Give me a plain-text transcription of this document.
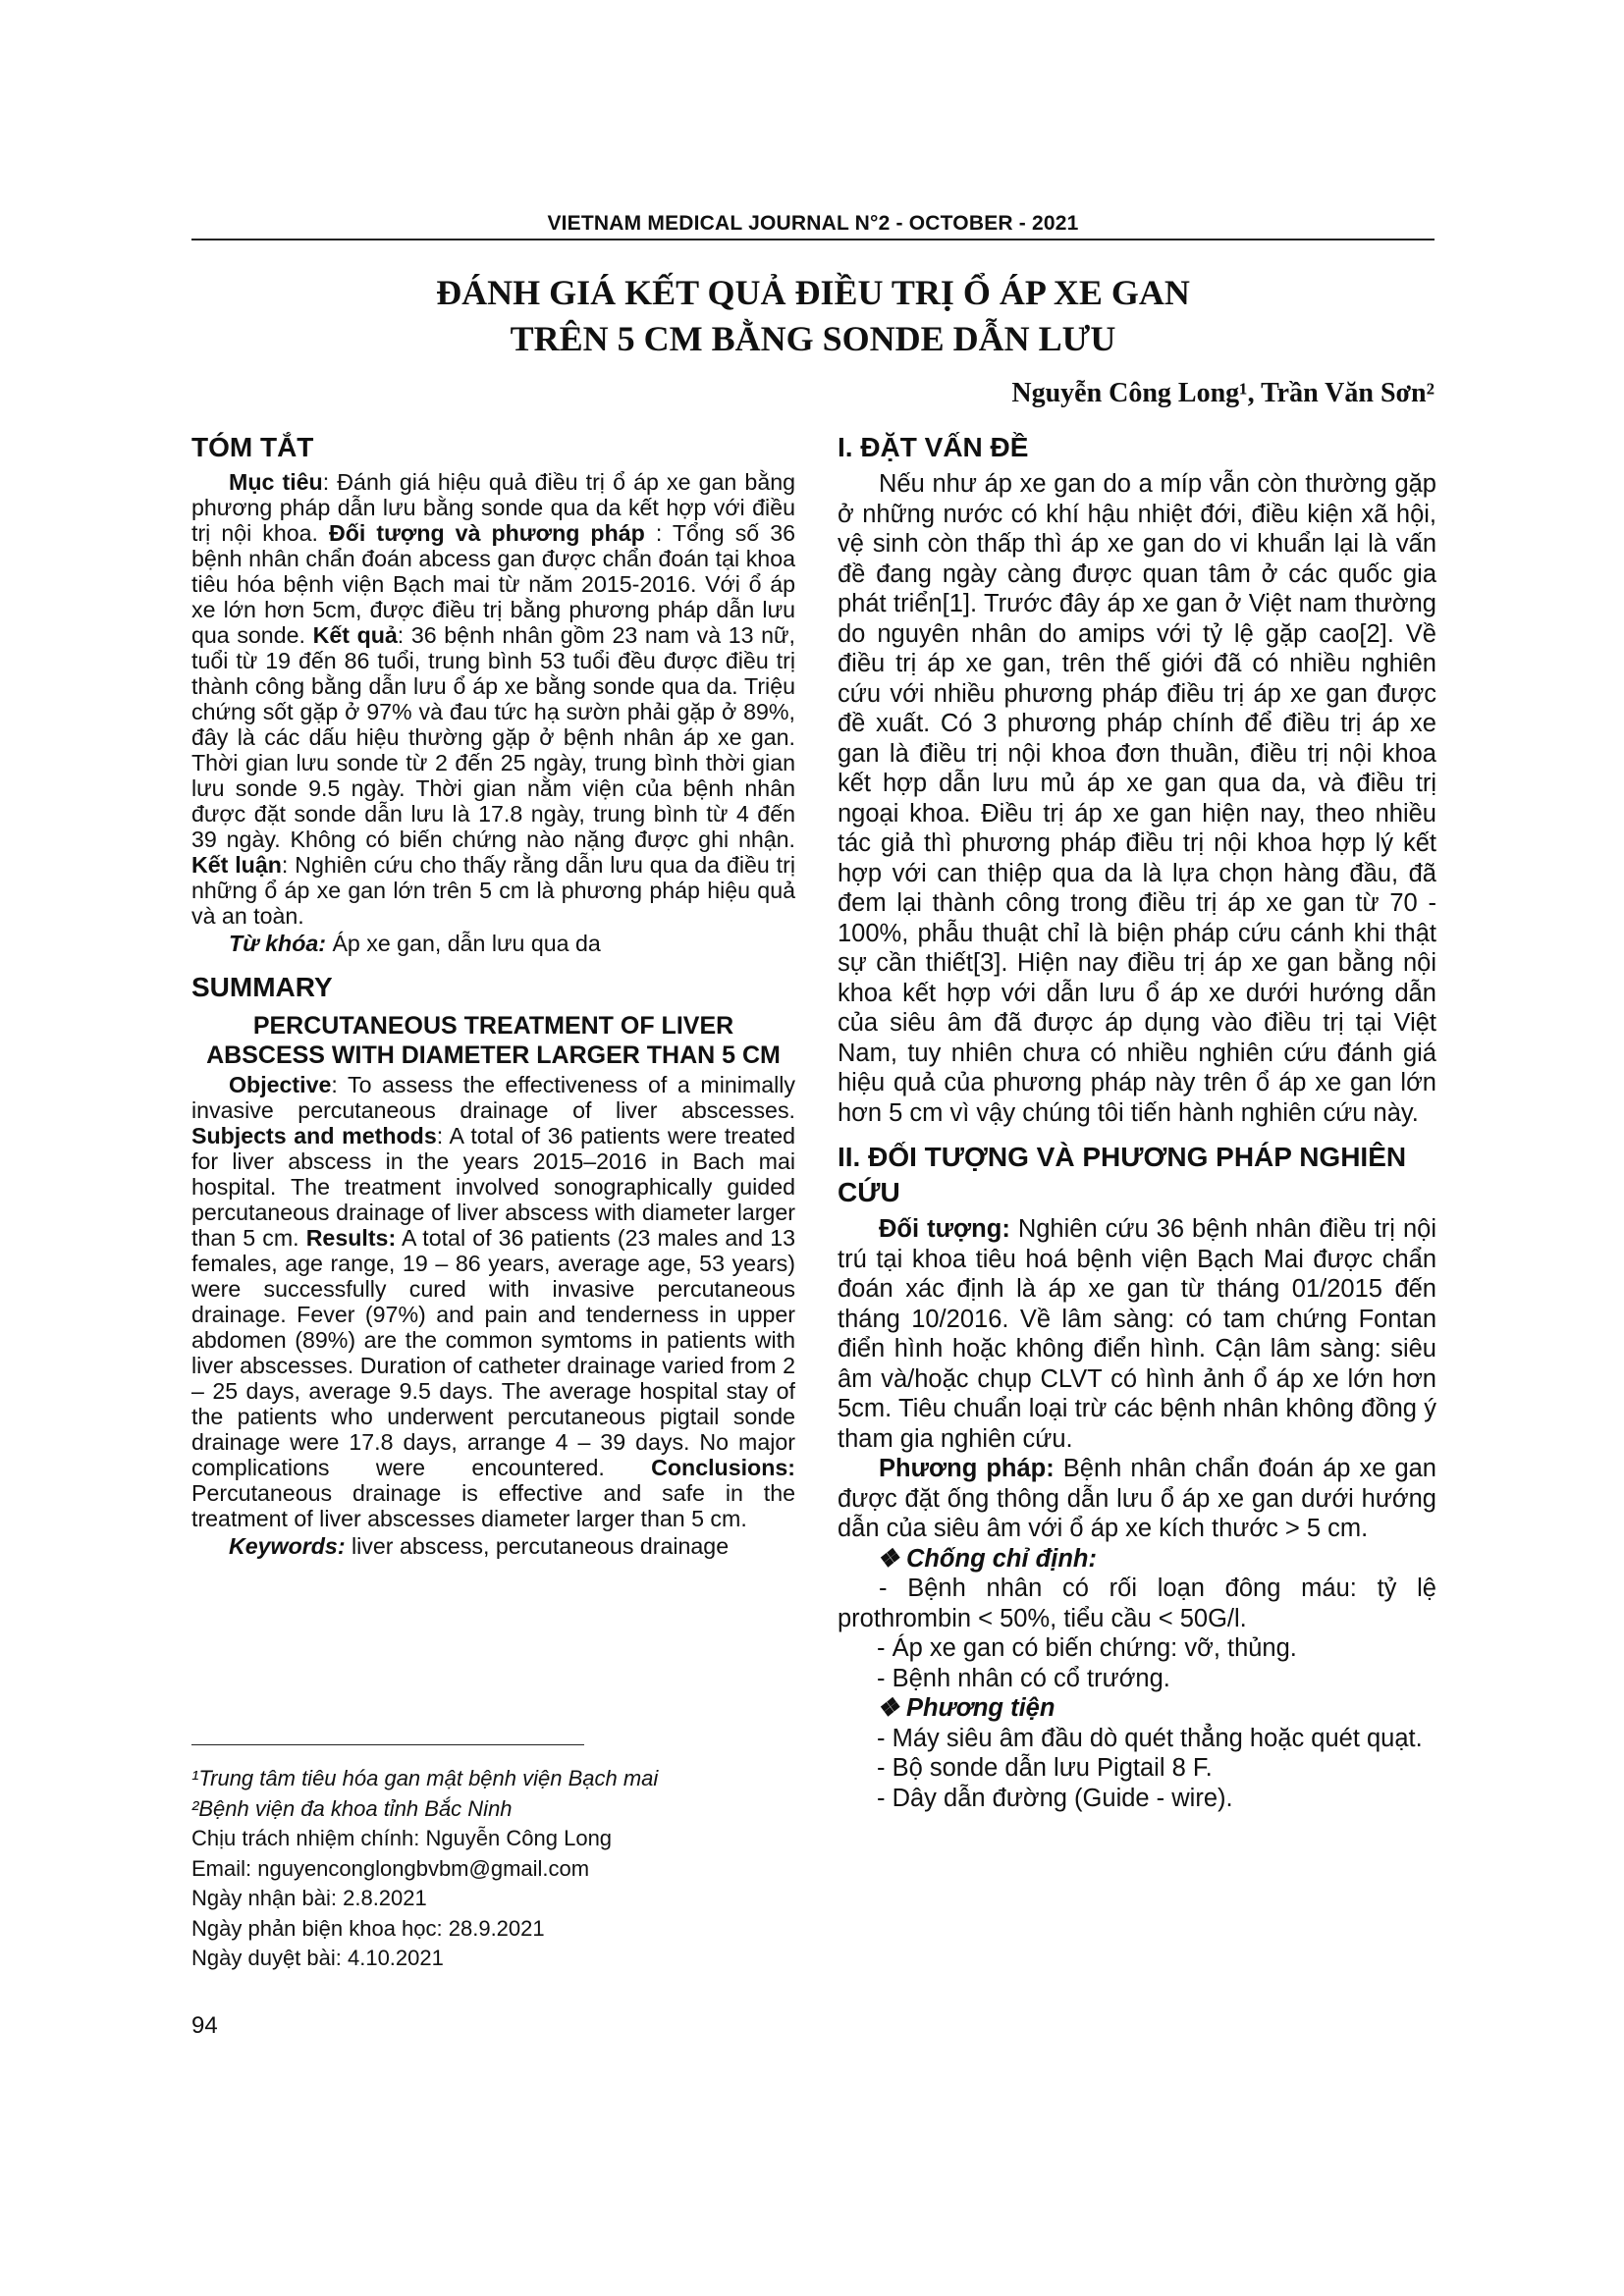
VIETNAM MEDICAL JOURNAL N°2 - OCTOBER - 2021
ĐÁNH GIÁ KẾT QUẢ ĐIỀU TRỊ Ổ ÁP XE GAN
TRÊN 5 CM BẰNG SONDE DẪN LƯU
Nguyễn Công Long¹, Trần Văn Sơn²
TÓM TẮT

Mục tiêu: Đánh giá hiệu quả điều trị ổ áp xe gan bằng phương pháp dẫn lưu bằng sonde qua da kết hợp với điều trị nội khoa. Đối tượng và phương pháp : Tổng số 36 bệnh nhân chẩn đoán abcess gan được chẩn đoán tại khoa tiêu hóa bệnh viện Bạch mai từ năm 2015-2016. Với ổ áp xe lớn hơn 5cm, được điều trị bằng phương pháp dẫn lưu qua sonde. Kết quả: 36 bệnh nhân gồm 23 nam và 13 nữ, tuổi từ 19 đến 86 tuổi, trung bình 53 tuổi đều được điều trị thành công bằng dẫn lưu ổ áp xe bằng sonde qua da. Triệu chứng sốt gặp ở 97% và đau tức hạ sườn phải gặp ở 89%, đây là các dấu hiệu thường gặp ở bệnh nhân áp xe gan. Thời gian lưu sonde từ 2 đến 25 ngày, trung bình thời gian lưu sonde 9.5 ngày. Thời gian nằm viện của bệnh nhân được đặt sonde dẫn lưu là 17.8 ngày, trung bình từ 4 đến 39 ngày. Không có biến chứng nào nặng được ghi nhận. Kết luận: Nghiên cứu cho thấy rằng dẫn lưu qua da điều trị những ổ áp xe gan lớn trên 5 cm là phương pháp hiệu quả và an toàn.

Từ khóa: Áp xe gan, dẫn lưu qua da

SUMMARY
PERCUTANEOUS TREATMENT OF LIVER
ABSCESS WITH DIAMETER LARGER THAN 5 CM

Objective: To assess the effectiveness of a minimally invasive percutaneous drainage of liver abscesses. Subjects and methods: A total of 36 patients were treated for liver abscess in the years 2015–2016 in Bach mai hospital. The treatment involved sonographically guided percutaneous drainage of liver abscess with diameter larger than 5 cm. Results: A total of 36 patients (23 males and 13 females, age range, 19 – 86 years, average age, 53 years) were successfully cured with invasive percutaneous drainage. Fever (97%) and pain and tenderness in upper abdomen (89%) are the common symtoms in patients with liver abscesses. Duration of catheter drainage varied from 2 – 25 days, average 9.5 days. The average hospital stay of the patients who underwent percutaneous pigtail sonde drainage were 17.8 days, arrange 4 – 39 days. No major complications were encountered. Conclusions: Percutaneous drainage is effective and safe in the treatment of liver abscesses diameter larger than 5 cm.

Keywords: liver abscess, percutaneous drainage

¹Trung tâm tiêu hóa gan mật bệnh viện Bạch mai
²Bệnh viện đa khoa tỉnh Bắc Ninh
Chịu trách nhiệm chính: Nguyễn Công Long
Email: nguyenconglongbvbm@gmail.com
Ngày nhận bài: 2.8.2021
Ngày phản biện khoa học: 28.9.2021
Ngày duyệt bài: 4.10.2021
94
I. ĐẶT VẤN ĐỀ

Nếu như áp xe gan do a míp vẫn còn thường gặp ở những nước có khí hậu nhiệt đới, điều kiện xã hội, vệ sinh còn thấp thì áp xe gan do vi khuẩn lại là vấn đề đang ngày càng được quan tâm ở các quốc gia phát triển[1]. Trước đây áp xe gan ở Việt nam thường do nguyên nhân do amips với tỷ lệ gặp cao[2]. Về điều trị áp xe gan, trên thế giới đã có nhiều nghiên cứu với nhiều phương pháp điều trị áp xe gan được đề xuất. Có 3 phương pháp chính để điều trị áp xe gan là điều trị nội khoa đơn thuần, điều trị nội khoa kết hợp dẫn lưu mủ áp xe gan qua da, và điều trị ngoại khoa. Điều trị áp xe gan hiện nay, theo nhiều tác giả thì phương pháp điều trị nội khoa hợp lý kết hợp với can thiệp qua da là lựa chọn hàng đầu, đã đem lại thành công trong điều trị áp xe gan từ 70 - 100%, phẫu thuật chỉ là biện pháp cứu cánh khi thật sự cần thiết[3]. Hiện nay điều trị áp xe gan bằng nội khoa kết hợp với dẫn lưu ổ áp xe dưới hướng dẫn của siêu âm đã được áp dụng vào điều trị tại Việt Nam, tuy nhiên chưa có nhiều nghiên cứu đánh giá hiệu quả của phương pháp này trên ổ áp xe gan lớn hơn 5 cm vì vậy chúng tôi tiến hành nghiên cứu này.

II. ĐỐI TƯỢNG VÀ PHƯƠNG PHÁP NGHIÊN CỨU

Đối tượng: Nghiên cứu 36 bệnh nhân điều trị nội trú tại khoa tiêu hoá bệnh viện Bạch Mai được chẩn đoán xác định là áp xe gan từ tháng 01/2015 đến tháng 10/2016. Về lâm sàng: có tam chứng Fontan điển hình hoặc không điển hình. Cận lâm sàng: siêu âm và/hoặc chụp CLVT có hình ảnh ổ áp xe lớn hơn 5cm. Tiêu chuẩn loại trừ các bệnh nhân không đồng ý tham gia nghiên cứu.

Phương pháp: Bệnh nhân chẩn đoán áp xe gan được đặt ống thông dẫn lưu ổ áp xe gan dưới hướng dẫn của siêu âm với ổ áp xe kích thước > 5 cm.

❖ Chống chỉ định:

- Bệnh nhân có rối loạn đông máu: tỷ lệ prothrombin < 50%, tiểu cầu < 50G/l.

- Áp xe gan có biến chứng: vỡ, thủng.
- Bệnh nhân có cổ trướng.
❖ Phương tiện
- Máy siêu âm đầu dò quét thẳng hoặc quét quạt.
- Bộ sonde dẫn lưu Pigtail 8 F.
- Dây dẫn đường (Guide - wire).
